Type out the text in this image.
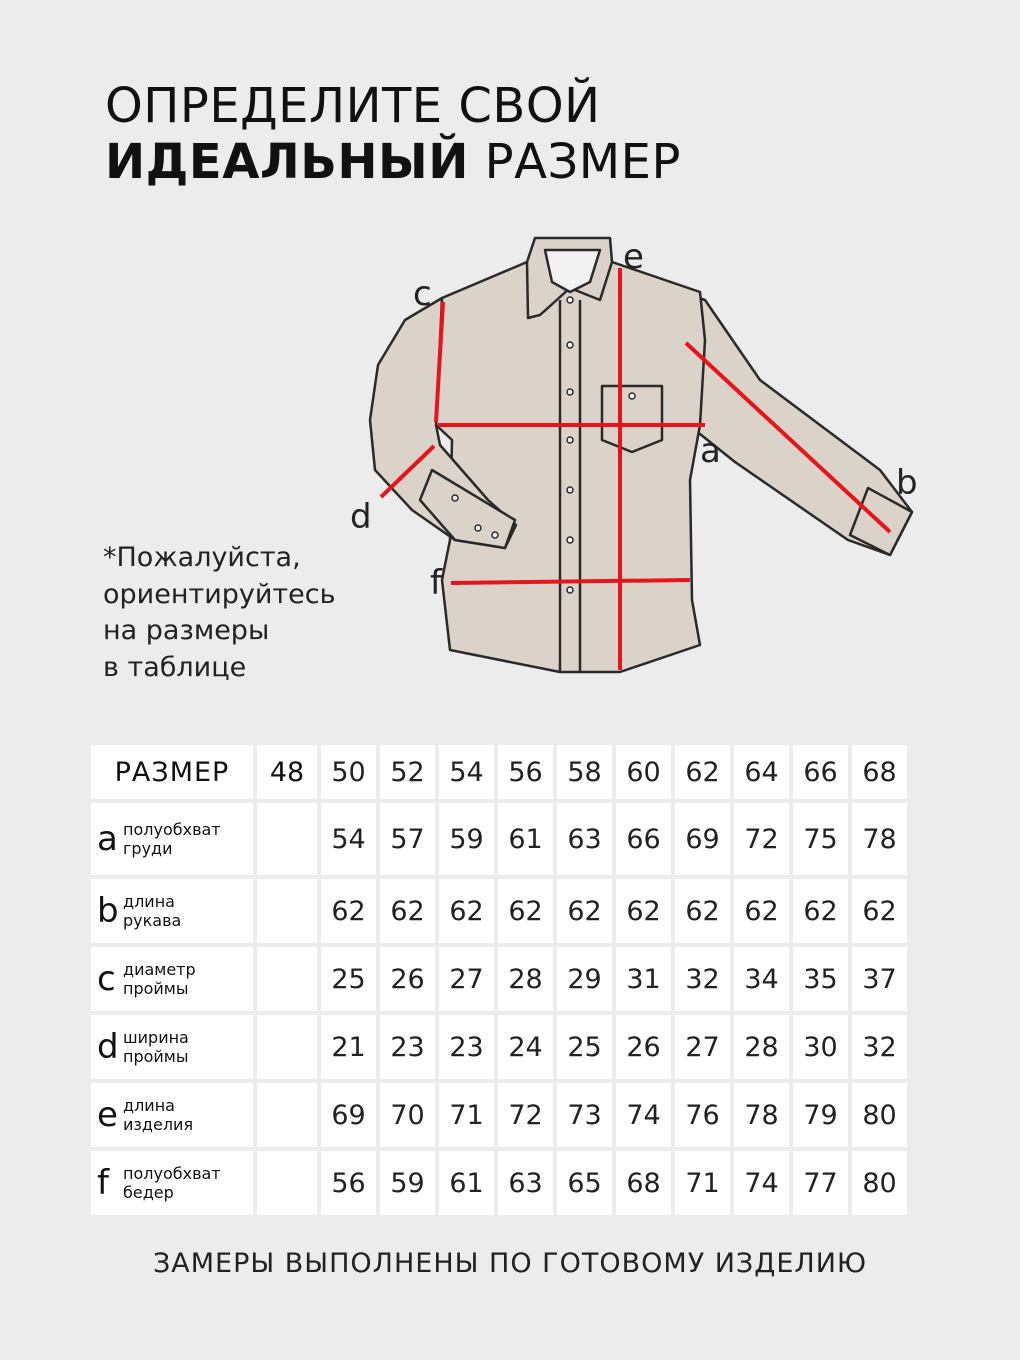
ОПРЕДЕЛИТЕ СВОЙ
ИДЕАЛЬНЫЙ РАЗМЕР
a
b
c
d
e
f
*Пожалуйста,
ориентируйтесь
на размеры
в таблице
РАЗМЕР	48	50	52	54	56	58	60	62	64	66	68
a полуобхват
груди		54	57	59	61	63	66	69	72	75	78
b длина
рукава		62	62	62	62	62	62	62	62	62	62
c диаметр
проймы		25	26	27	28	29	31	32	34	35	37
d ширина
проймы		21	23	23	24	25	26	27	28	30	32
e длина
изделия		69	70	71	72	73	74	76	78	79	80
f полуобхват
бедер		56	59	61	63	65	68	71	74	77	80
ЗАМЕРЫ ВЫПОЛНЕНЫ ПО ГОТОВОМУ ИЗДЕЛИЮ
